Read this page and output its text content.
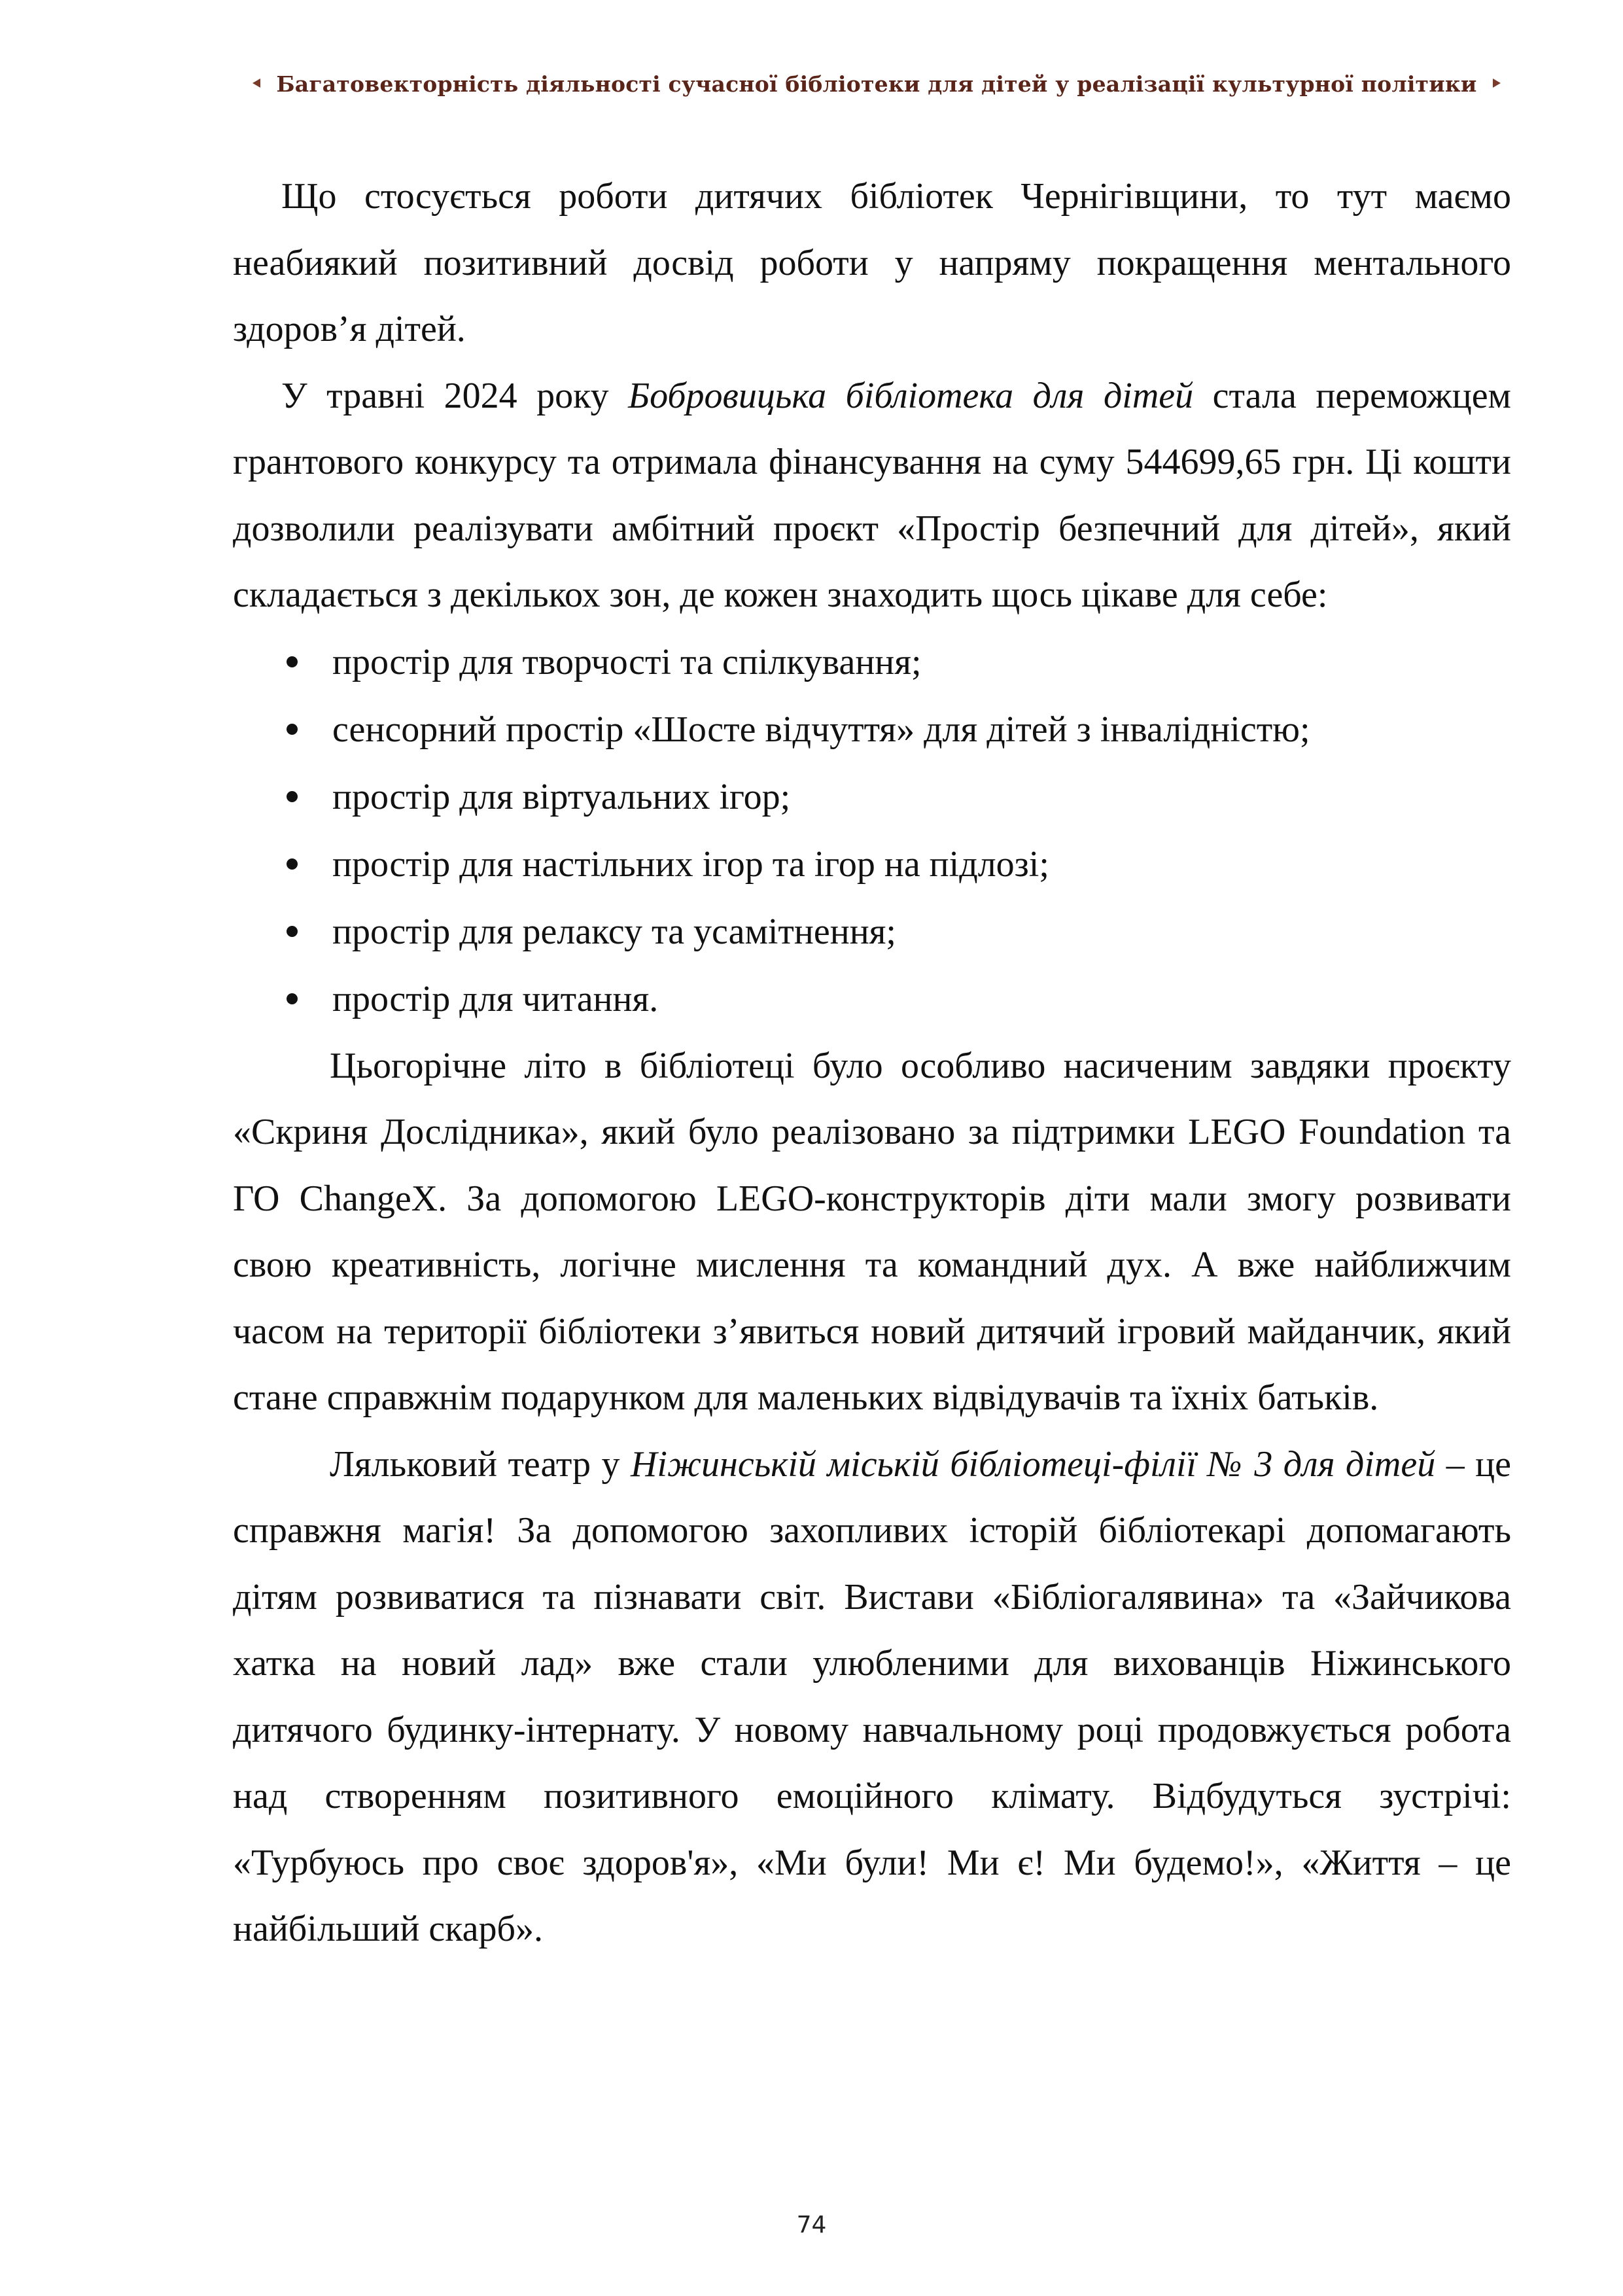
Багатовекторність діяльності сучасної бібліотеки для дітей у реалізації культурної політики

Що стосується роботи дитячих бібліотек Чернігівщини, то тут маємо неабиякий позитивний досвід роботи у напряму покращення ментального здоров’я дітей.

У травні 2024 року Бобровицька бібліотека для дітей стала переможцем грантового конкурсу та отримала фінансування на суму 544699,65 грн. Ці кошти дозволили реалізувати амбітний проєкт «Простір безпечний для дітей», який складається з декількох зон, де кожен знаходить щось цікаве для себе:

простір для творчості та спілкування;
сенсорний простір «Шосте відчуття» для дітей з інвалідністю;
простір для віртуальних ігор;
простір для настільних ігор та ігор на підлозі;
простір для релаксу та усамітнення;
простір для читання.

Цьогорічне літо в бібліотеці було особливо насиченим завдяки проєкту «Скриня Дослідника», який було реалізовано за підтримки LEGO Foundation та ГО ChangeX. За допомогою LEGO-конструкторів діти мали змогу розвивати свою креативність, логічне мислення та командний дух. А вже найближчим часом на території бібліотеки з’явиться новий дитячий ігровий майданчик, який стане справжнім подарунком для маленьких відвідувачів та їхніх батьків.

Ляльковий театр у Ніжинській міській бібліотеці-філії № 3 для дітей – це справжня магія! За допомогою захопливих історій бібліотекарі допомагають дітям розвиватися та пізнавати світ. Вистави «Бібліогалявина» та «Зайчикова хатка на новий лад» вже стали улюбленими для вихованців Ніжинського дитячого будинку-інтернату. У новому навчальному році продовжується робота над створенням позитивного емоційного клімату. Відбудуться зустрічі: «Турбуюсь про своє здоров'я», «Ми були! Ми є! Ми будемо!», «Життя – це найбільший скарб».

74
